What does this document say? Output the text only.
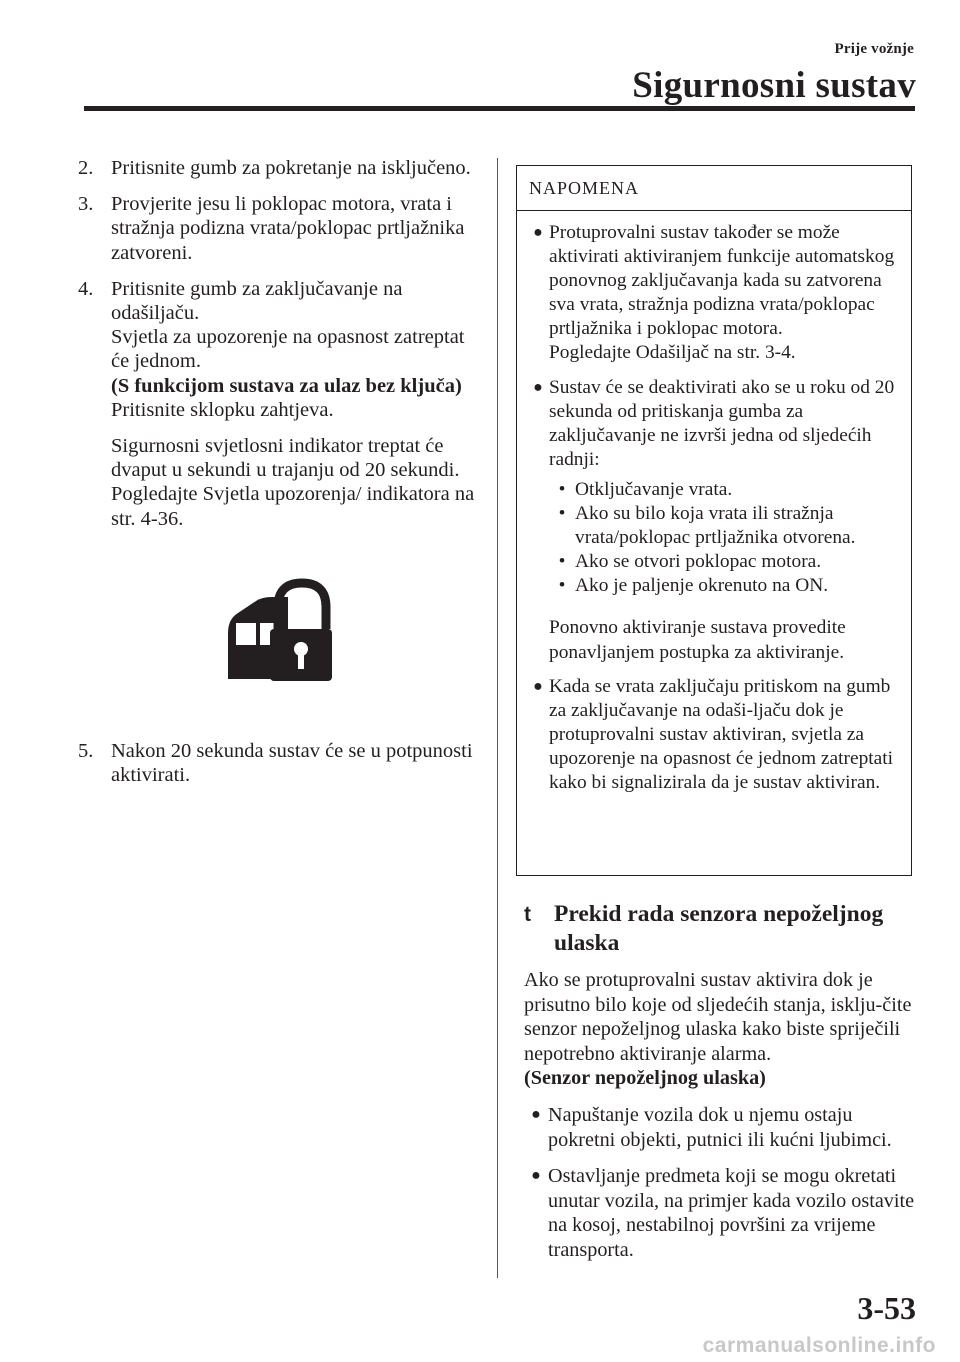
Prije vožnje
Sigurnosni sustav
2. Pritisnite gumb za pokretanje na isključeno.

3. Provjerite jesu li poklopac motora, vrata i stražnja podizna vrata/poklopac prtljažnika zatvoreni.

4. Pritisnite gumb za zaključavanje na odašiljaču.

Svjetla za upozorenje na opasnost zatreptat će jednom.

(S funkcijom sustava za ulaz bez ključa)

Pritisnite sklopku zahtjeva.

Sigurnosni svjetlosni indikator treptat će dvaput u sekundi u trajanju od 20 sekundi.

Pogledajte Svjetla upozorenja/ indikatora na str. 4-36.

5. Nakon 20 sekunda sustav će se u potpunosti aktivirati.

NAPOMENA
● Protuprovalni sustav također se može aktivirati aktiviranjem funkcije automatskog ponovnog zaključavanja kada su zatvorena sva vrata, stražnja podizna vrata/poklopac prtljažnika i poklopac motora.

Pogledajte Odašiljač na str. 3-4.

● Sustav će se deaktivirati ako se u roku od 20 sekunda od pritiskanja gumba za zaključavanje ne izvrši jedna od sljedećih radnji:

• Otključavanje vrata.
• Ako su bilo koja vrata ili stražnja vrata/poklopac prtljažnika otvorena.
• Ako se otvori poklopac motora.
• Ako je paljenje okrenuto na ON.

Ponovno aktiviranje sustava provedite ponavljanjem postupka za aktiviranje.

● Kada se vrata zaključaju pritiskom na gumb za zaključavanje na odaši-ljaču dok je protuprovalni sustav aktiviran, svjetla za upozorenje na opasnost će jednom zatreptati kako bi signalizirala da je sustav aktiviran.

t Prekid rada senzora nepoželjnog ulaska

Ako se protuprovalni sustav aktivira dok je prisutno bilo koje od sljedećih stanja, isklju-čite senzor nepoželjnog ulaska kako biste spriječili nepotrebno aktiviranje alarma.

(Senzor nepoželjnog ulaska)

● Napuštanje vozila dok u njemu ostaju pokretni objekti, putnici ili kućni ljubimci.
● Ostavljanje predmeta koji se mogu okretati unutar vozila, na primjer kada vozilo ostavite na kosoj, nestabilnoj površini za vrijeme transporta.
3-53
carmanualsonline.info
